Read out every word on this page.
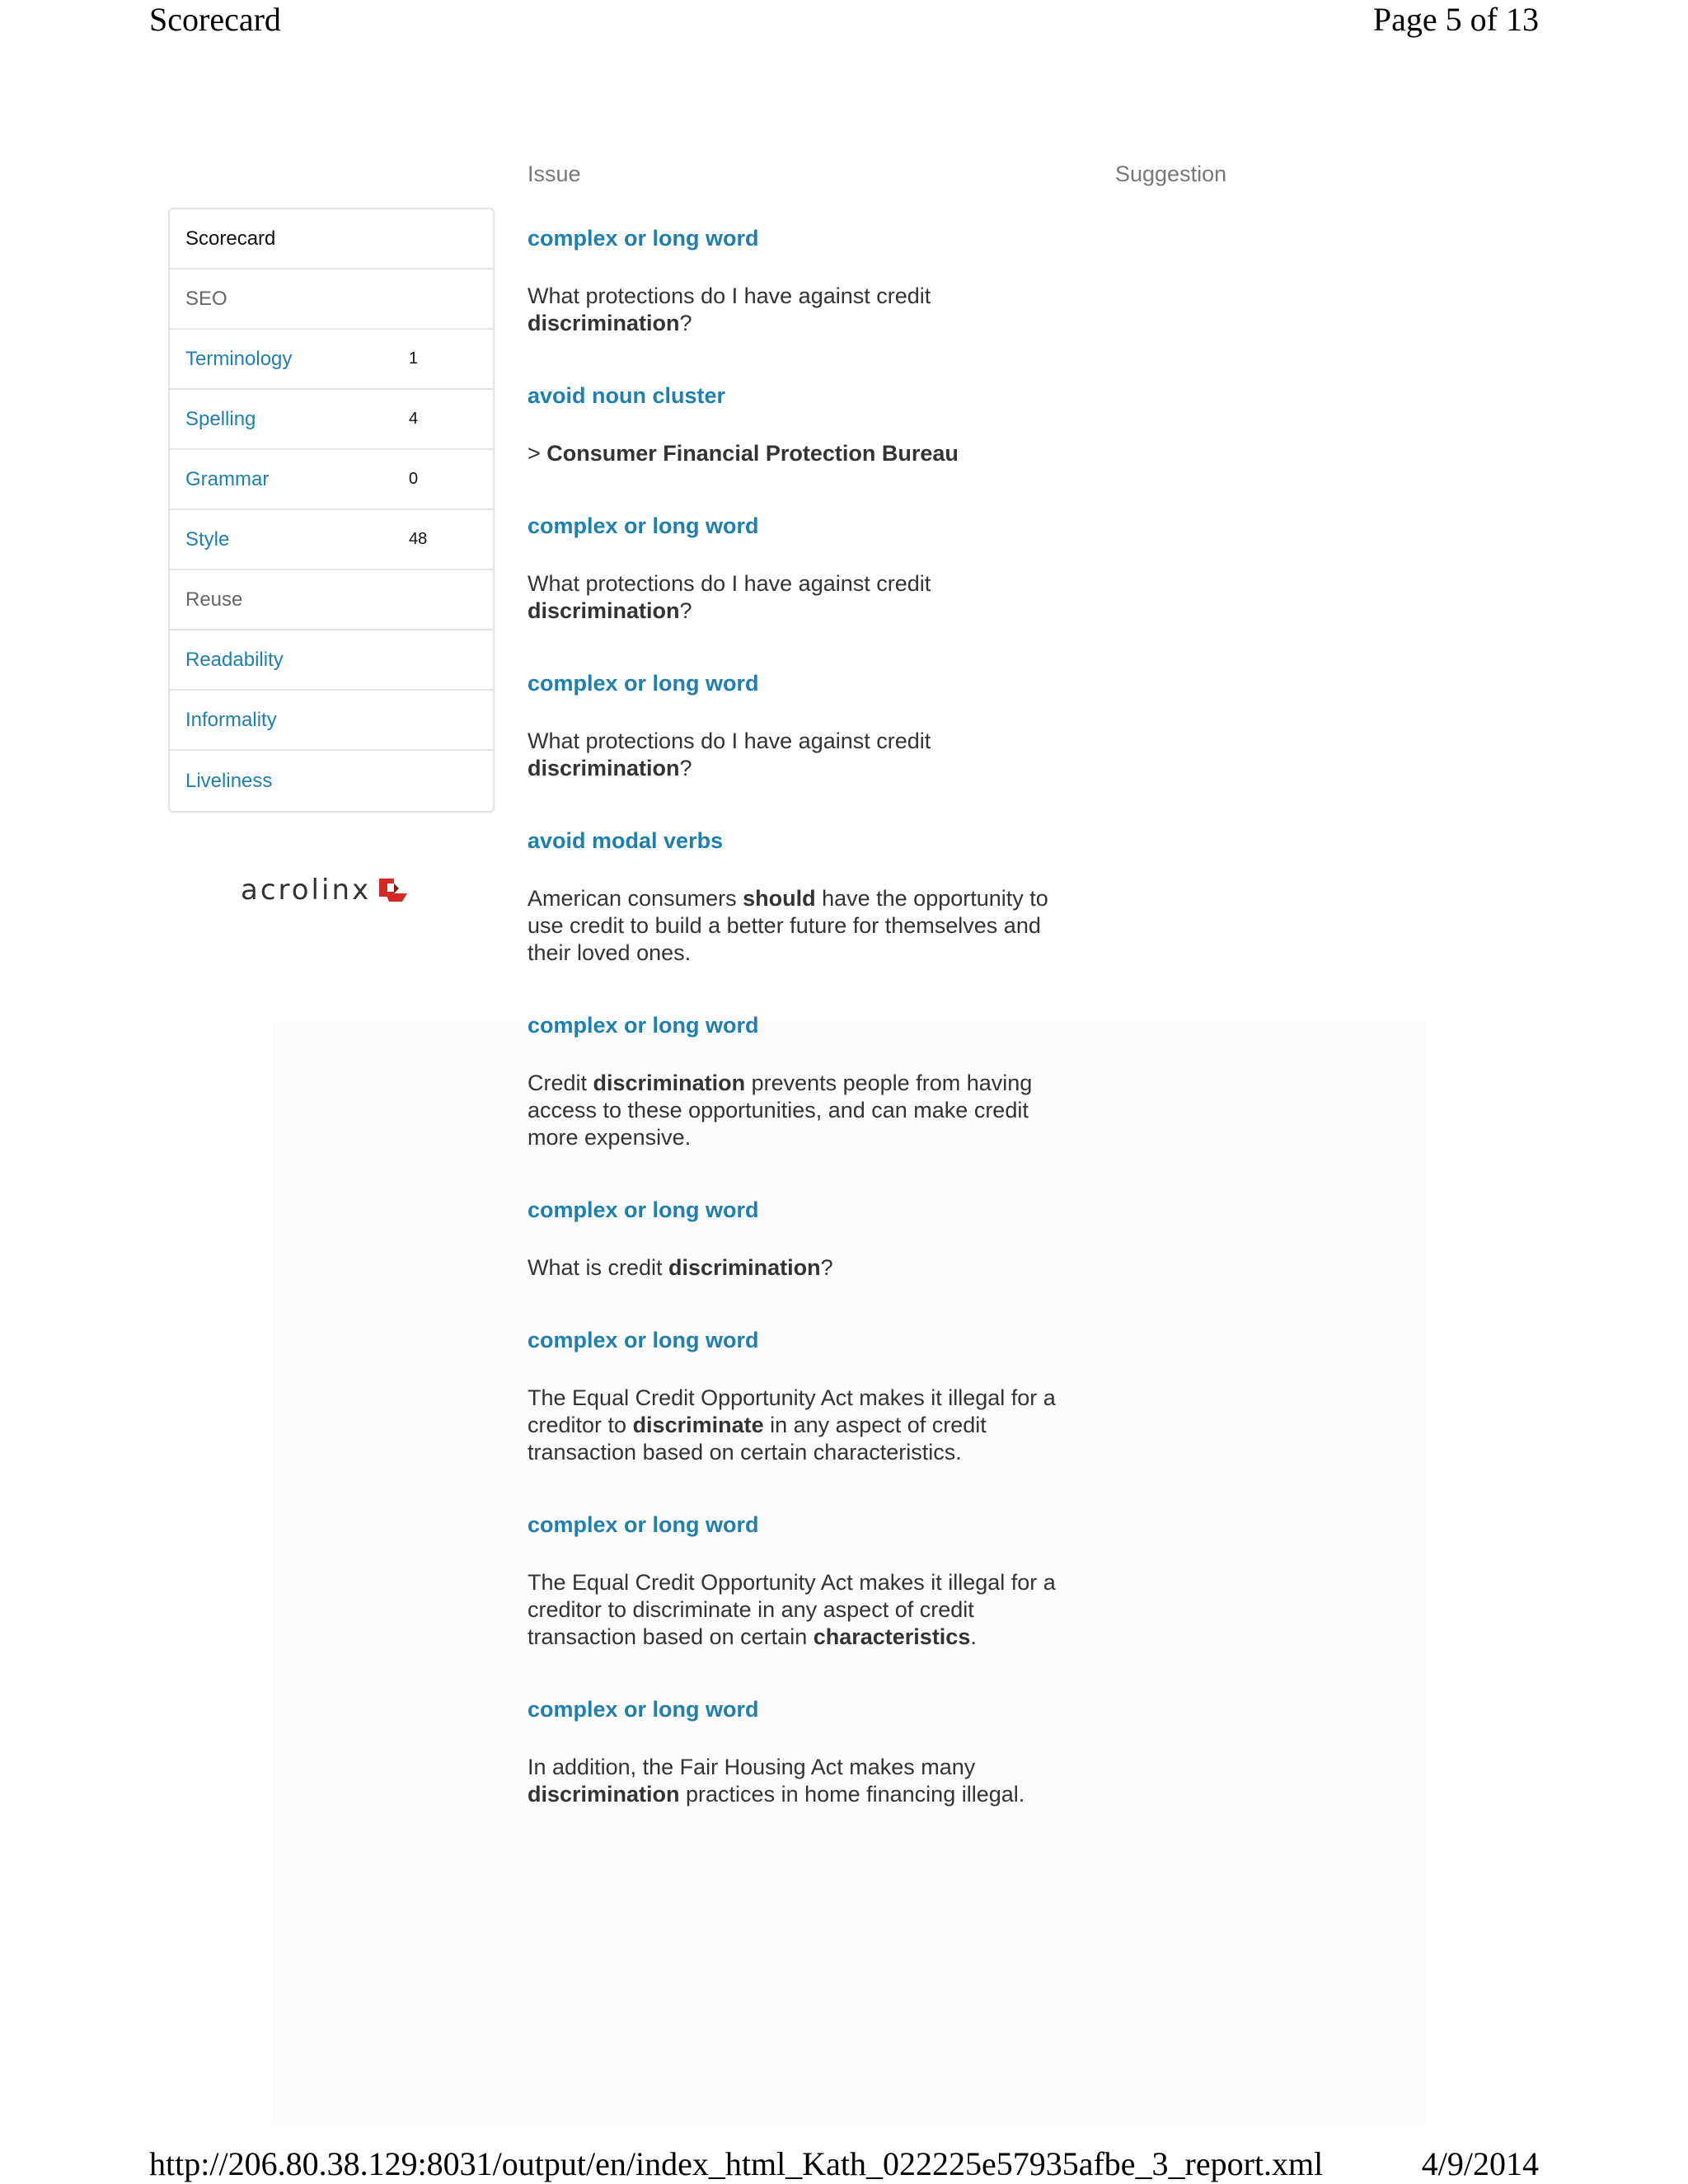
Scorecard	Page 5 of 13
Scorecard
SEO
Terminology	1
Spelling	4
Grammar	0
Style	48
Reuse
Readability
Informality
Liveliness
acrolinx
Issue	Suggestion
complex or long word

What protections do I have against credit discrimination?

avoid noun cluster

> Consumer Financial Protection Bureau

complex or long word

What protections do I have against credit discrimination?

complex or long word

What protections do I have against credit discrimination?

avoid modal verbs

American consumers should have the opportunity to use credit to build a better future for themselves and their loved ones.

complex or long word

Credit discrimination prevents people from having access to these opportunities, and can make credit more expensive.

complex or long word

What is credit discrimination?

complex or long word

The Equal Credit Opportunity Act makes it illegal for a creditor to discriminate in any aspect of credit transaction based on certain characteristics.

complex or long word

The Equal Credit Opportunity Act makes it illegal for a creditor to discriminate in any aspect of credit transaction based on certain characteristics.

complex or long word

In addition, the Fair Housing Act makes many discrimination practices in home financing illegal.

http://206.80.38.129:8031/output/en/index_html_Kath_022225e57935afbe_3_report.xml	4/9/2014
